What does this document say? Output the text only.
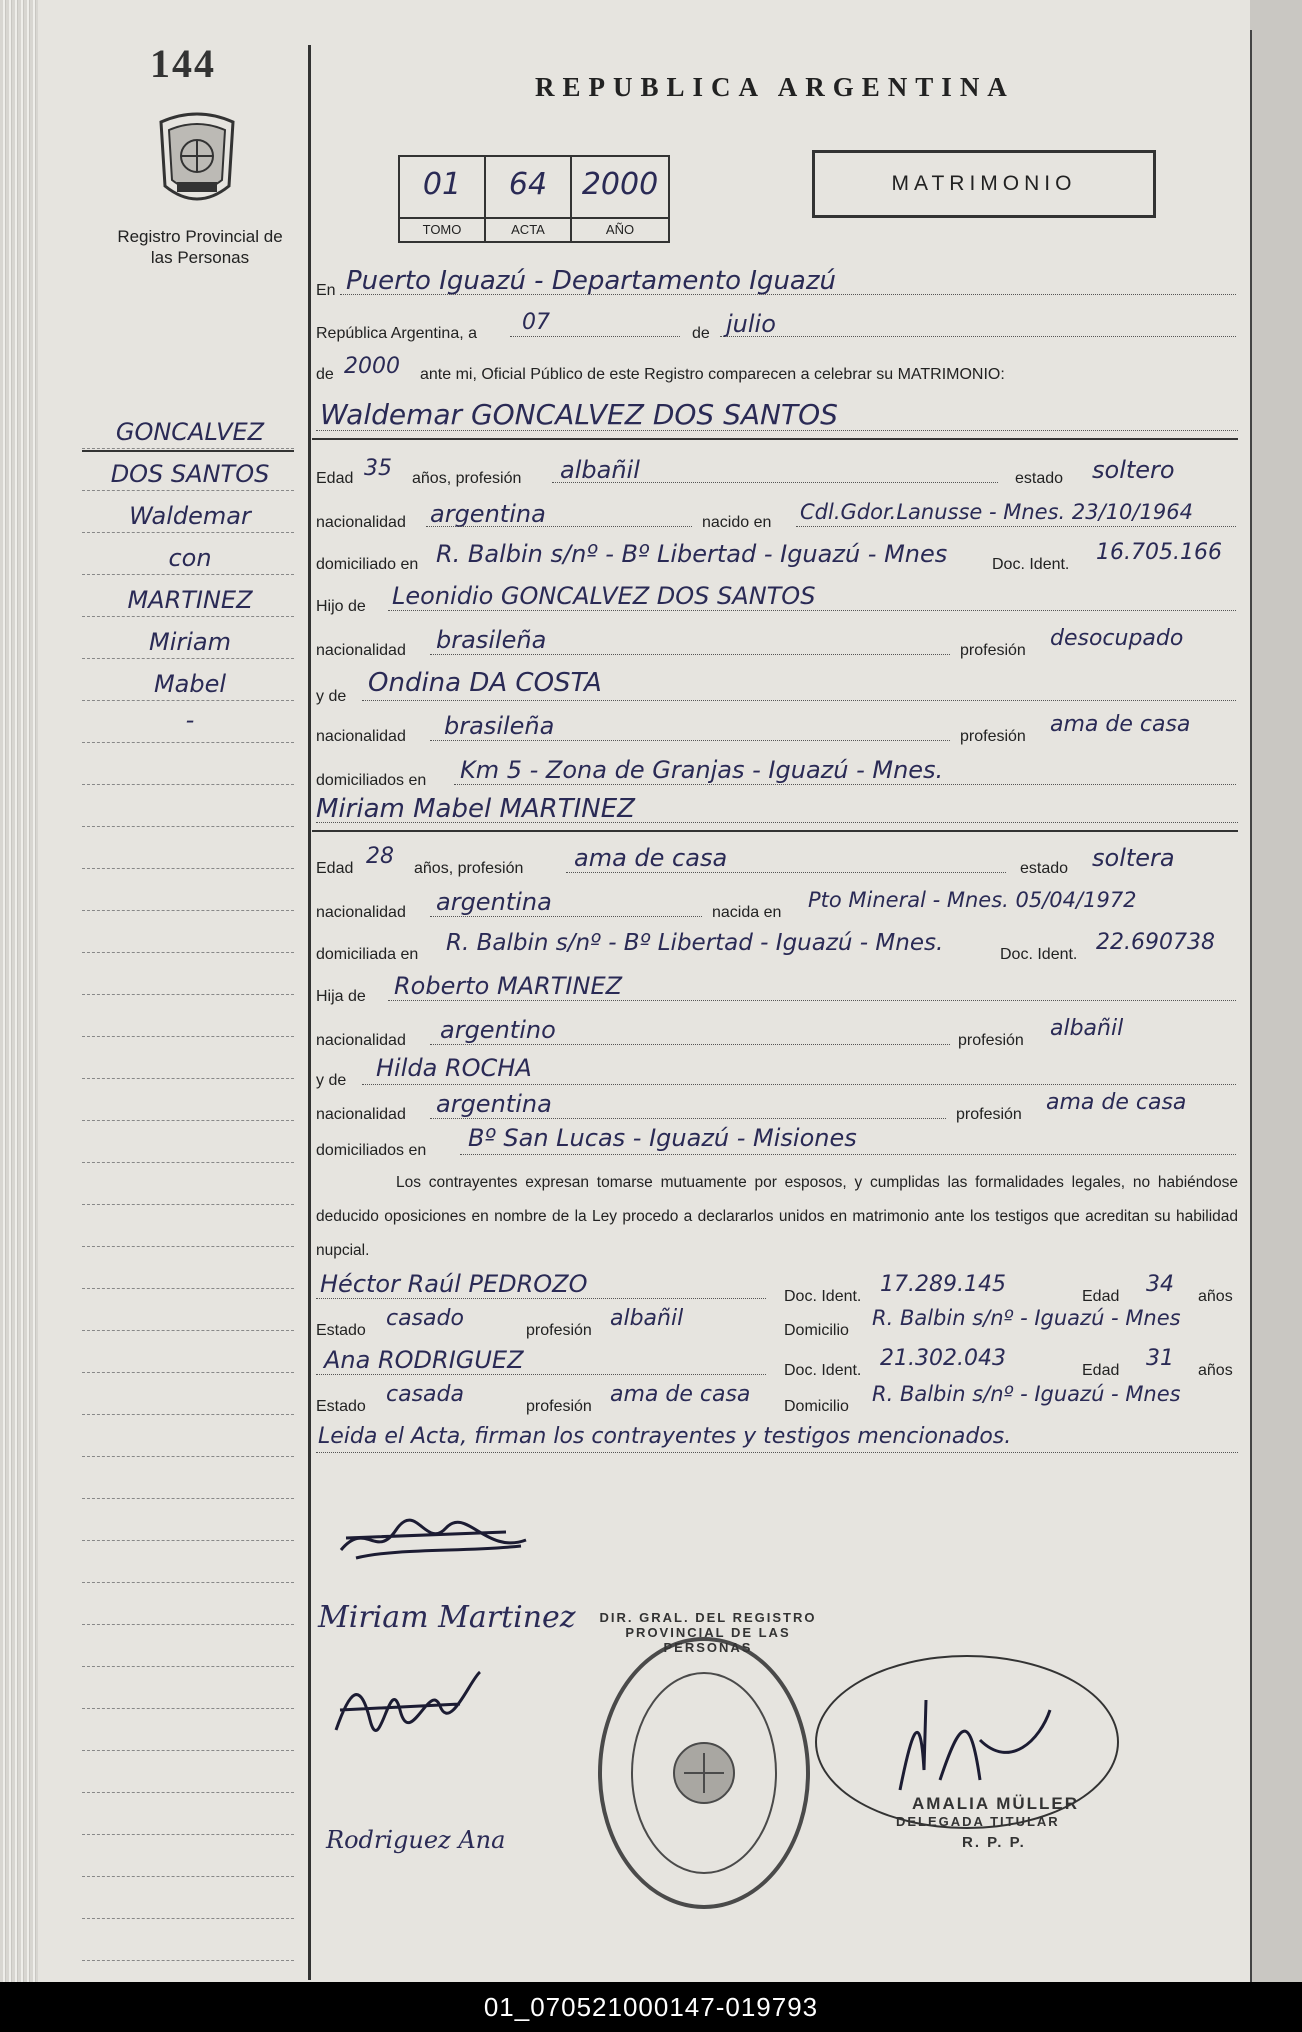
144
Registro Provincial de las Personas
REPUBLICA ARGENTINA
01
TOMO
64
ACTA
2000
AÑO
MATRIMONIO
GONCALVEZ
DOS SANTOS
Waldemar
con
MARTINEZ
Miriam
Mabel
-
En Puerto Iguazú - Departamento Iguazú
República Argentina, a 07	de julio
de 2000 ante mi, Oficial Público de este Registro comparecen a celebrar su MATRIMONIO:
Waldemar GONCALVEZ DOS SANTOS
Edad 35 años, profesión albañil	estado soltero
nacionalidad argentina	nacido en Cdl.Gdor.Lanusse - Mnes. 23/10/1964
domiciliado en R. Balbin s/nº - Bº Libertad - Iguazú - Mnes	Doc. Ident. 16.705.166
Hijo de Leonidio GONCALVEZ DOS SANTOS
nacionalidad brasileña	profesión desocupado
y de Ondina DA COSTA
nacionalidad brasileña	profesión ama de casa
domiciliados en Km 5 - Zona de Granjas - Iguazú - Mnes.
Miriam Mabel MARTINEZ
Edad 28 años, profesión ama de casa	estado soltera
nacionalidad argentina	nacida en
Pto Mineral - Mnes. 05/04/1972
domiciliada en R. Balbin s/nº - Bº Libertad - Iguazú - Mnes.	Doc. Ident. 22.690738
Hija de Roberto MARTINEZ
nacionalidad argentino	profesión albañil
y de Hilda ROCHA
nacionalidad argentina	profesión ama de casa
domiciliados en Bº San Lucas - Iguazú - Misiones
Los contrayentes expresan tomarse mutuamente por esposos, y cumplidas las formalidades legales, no habiéndose deducido oposiciones en nombre de la Ley procedo a declararlos unidos en matrimonio ante los testigos que acreditan su habilidad nupcial.
Héctor Raúl PEDROZO	Doc. Ident. 17.289.145	Edad 34 años
Estado casado	profesión albañil	Domicilio
R. Balbin s/nº - Iguazú - Mnes
Ana RODRIGUEZ	Doc. Ident. 21.302.043	Edad 31 años
Estado casada	profesión ama de casa Domicilio
R. Balbin s/nº - Iguazú - Mnes
Leida el Acta, firman los contrayentes y testigos mencionados.
Miriam Martinez
Rodriguez Ana
DIR. GRAL. DEL REGISTRO PROVINCIAL DE LAS PERSONAS
AMALIA MÜLLER
DELEGADA TITULAR
R. P. P.
01_070521000147-019793
